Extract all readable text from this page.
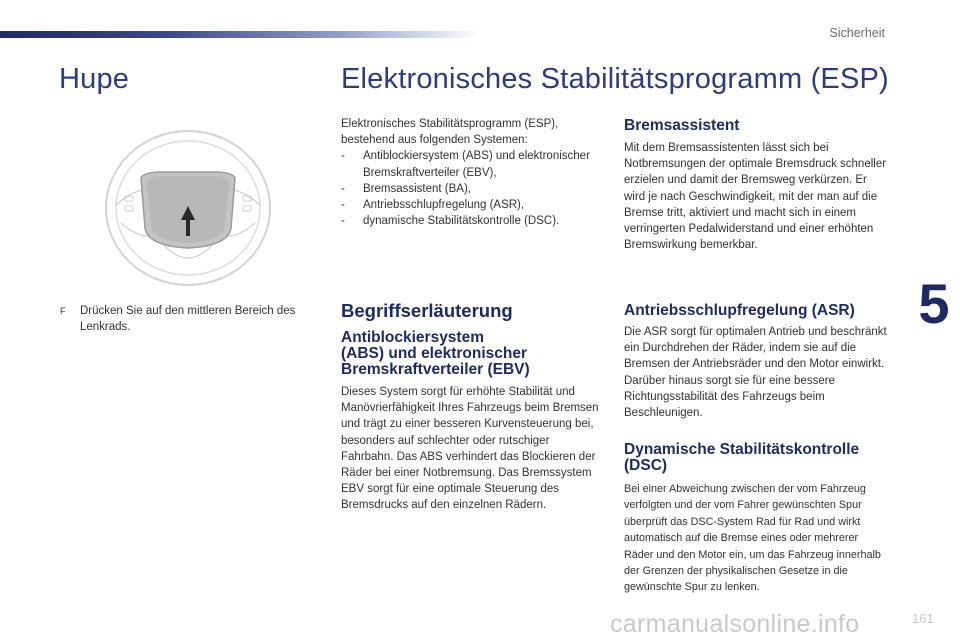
Sicherheit
5
Hupe
F	Drücken Sie auf den mittleren Bereich des Lenkrads.
Elektronisches Stabilitätsprogramm (ESP)
Elektronisches Stabilitätsprogramm (ESP), bestehend aus folgenden Systemen:
- Antiblockiersystem (ABS) und elektronischer Bremskraftverteiler (EBV),
- Bremsassistent (BA),
- Antriebsschlupfregelung (ASR),
- dynamische Stabilitätskontrolle (DSC).
Begriffserläuterung
Antiblockiersystem
(ABS) und elektronischer
Bremskraftverteiler (EBV)
Dieses System sorgt für erhöhte Stabilität und Manövrierfähigkeit Ihres Fahrzeugs beim Bremsen und trägt zu einer besseren Kurvensteuerung bei, besonders auf schlechter oder rutschiger Fahrbahn. Das ABS verhindert das Blockieren der Räder bei einer Notbremsung. Das Bremssystem EBV sorgt für eine optimale Steuerung des Bremsdrucks auf den einzelnen Rädern.
Bremsassistent
Mit dem Bremsassistenten lässt sich bei Notbremsungen der optimale Bremsdruck schneller erzielen und damit der Bremsweg verkürzen. Er wird je nach Geschwindigkeit, mit der man auf die Bremse tritt, aktiviert und macht sich in einem verringerten Pedalwiderstand und einer erhöhten Bremswirkung bemerkbar.
Antriebsschlupfregelung (ASR)
Die ASR sorgt für optimalen Antrieb und beschränkt ein Durchdrehen der Räder, indem sie auf die Bremsen der Antriebsräder und den Motor einwirkt. Darüber hinaus sorgt sie für eine bessere Richtungsstabilität des Fahrzeugs beim Beschleunigen.
Dynamische Stabilitätskontrolle
(DSC)
Bei einer Abweichung zwischen der vom Fahrzeug verfolgten und der vom Fahrer gewünschten Spur überprüft das DSC-System Rad für Rad und wirkt automatisch auf die Bremse eines oder mehrerer Räder und den Motor ein, um das Fahrzeug innerhalb der Grenzen der physikalischen Gesetze in die gewünschte Spur zu lenken.
carmanualsonline.info	161
